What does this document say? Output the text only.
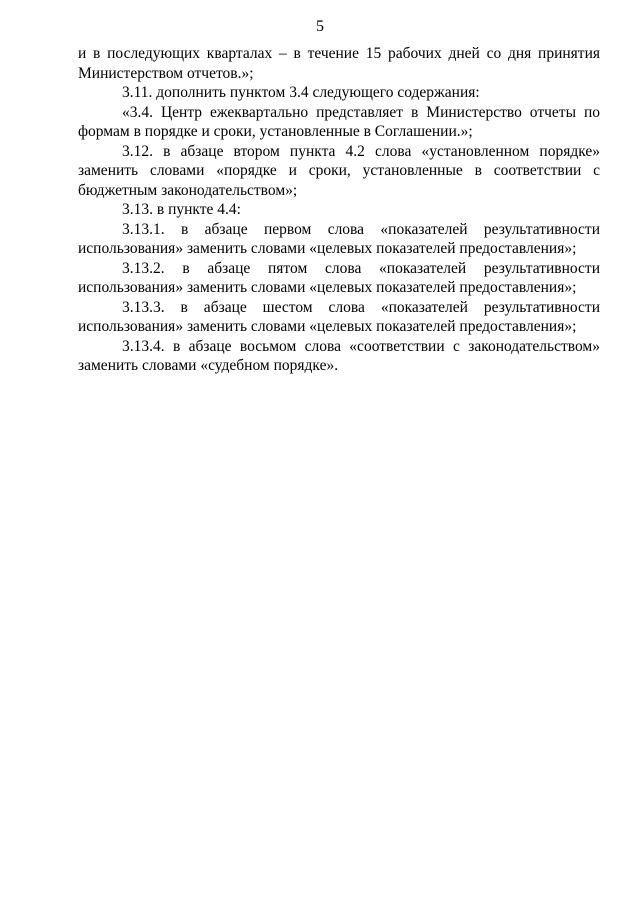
5

и в последующих кварталах – в течение 15 рабочих дней со дня принятия Министерством отчетов.»;

3.11. дополнить пунктом 3.4 следующего содержания:

«3.4. Центр ежеквартально представляет в Министерство отчеты по формам в порядке и сроки, установленные в Соглашении.»;

3.12. в абзаце втором пункта 4.2 слова «установленном порядке» заменить словами «порядке и сроки, установленные в соответствии с бюджетным законодательством»;

3.13. в пункте 4.4:

3.13.1. в абзаце первом слова «показателей результативности использования» заменить словами «целевых показателей предоставления»;

3.13.2. в абзаце пятом слова «показателей результативности использования» заменить словами «целевых показателей предоставления»;

3.13.3. в абзаце шестом слова «показателей результативности использования» заменить словами «целевых показателей предоставления»;

3.13.4. в абзаце восьмом слова «соответствии с законодательством» заменить словами «судебном порядке».
